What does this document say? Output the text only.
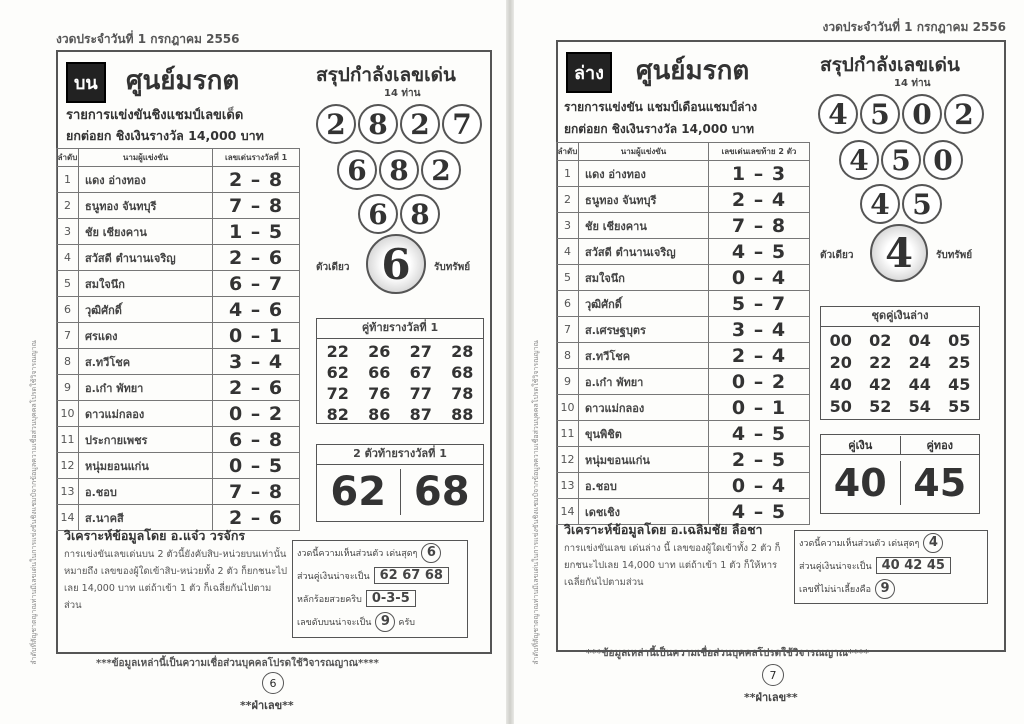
งวดประจำวันที่ 1 กรกฎาคม 2556
ลำดับที่สัญชาตญาณท่านมีเลขเด่นในการแข่งขันชิงแชมป์จากข้อมูลความเชื่อส่วนบุคคลโปรดใช้วิจารณญาณ
บน	ศูนย์มรกต
รายการแข่งขันชิงแชมป์เลขเด็ด
ยกต่อยก ชิงเงินรางวัล 14,000 บาท
ลำดับ	นามผู้แข่งขัน	เลขเด่นรางวัลที่ 1
1	แดง อ่างทอง	2 – 8
2	ธนูทอง จันทบุรี	7 – 8
3	ชัย เชียงคาน	1 – 5
4	สวัสดี ตำนานเจริญ	2 – 6
5	สมใจนึก	6 – 7
6	วุฒิศักดิ์	4 – 6
7	ศรแดง	0 – 1
8	ส.ทวีโชค	3 – 4
9	อ.เก๋า พัทยา	2 – 6
10	ดาวแม่กลอง	0 – 2
11	ประกายเพชร	6 – 8
12	หนุ่มยอนแก่น	0 – 5
13	อ.ชอบ	7 – 8
14	ส.นาคสี	2 – 6
สรุปกำลังเลขเด่น
14 ท่าน
2 8 2 7
6 8 2
6 8
ตัวเดียว 6	รับทรัพย์
คู่ท้ายรางวัลที่ 1
22	26	27	28
62	66	67	68
72	76	77	78
82	86	87	88
2 ตัวท้ายรางวัลที่ 1
62 68
วิเคราะห์ข้อมูลโดย อ.แจ๋ว วรจักร
การแข่งขันเลขเด่นบน 2 ตัวนี้ยังคับสิบ-หน่วยบนเท่านั้น หมายถึง เลขของผู้ใดเข้าสิบ-หน่วยทั้ง 2 ตัว ก็ยกชนะไปเลย 14,000 บาท แต่ถ้าเข้า 1 ตัว ก็เฉลี่ยกันไปตามส่วน
งวดนี้ความเห็นส่วนตัว เด่นสุดๆ 6
ส่วนคู่เงินน่าจะเป็น 62 67 68
หลักร้อยสวยคริบ 0-3-5
เลขดับบนน่าจะเป็น 9 ครับ
***ข้อมูลเหล่านี้เป็นความเชื่อส่วนบุคคลโปรดใช้วิจารณญาณ****
6
**ฝ่าเลข**
งวดประจำวันที่ 1 กรกฎาคม 2556
ลำดับที่สัญชาตญาณท่านมีเลขเด่นในการแข่งขันชิงแชมป์จากข้อมูลความเชื่อส่วนบุคคลโปรดใช้วิจารณญาณ
ล่าง	ศูนย์มรกต
รายการแข่งขัน แชมป์เดือนแชมป์ล่าง
ยกต่อยก ชิงเงินรางวัล 14,000 บาท
ลำดับ	นามผู้แข่งขัน	เลขเด่นเลขท้าย 2 ตัว
1	แดง อ่างทอง	1 – 3
2	ธนูทอง จันทบุรี	2 – 4
3	ชัย เชียงคาน	7 – 8
4	สวัสดี ตำนานเจริญ	4 – 5
5	สมใจนึก	0 – 4
6	วุฒิศักดิ์	5 – 7
7	ส.เศรษฐบุตร	3 – 4
8	ส.ทวีโชค	2 – 4
9	อ.เก๋า พัทยา	0 – 2
10	ดาวแม่กลอง	0 – 1
11	ขุนพิชิต	4 – 5
12	หนุ่มขอนแก่น	2 – 5
13	อ.ชอบ	0 – 4
14	เดชเชิง	4 – 5
สรุปกำลังเลขเด่น
14 ท่าน
4 5 0 2
4 5 0
4 5
ตัวเดียว 4	รับทรัพย์
ชุดคู่เงินล่าง
00	02	04	05
20	22	24	25
40	42	44	45
50	52	54	55
คู่เงิน	คู่ทอง
40 45
วิเคราะห์ข้อมูลโดย อ.เฉลิมชัย ลือชา
การแข่งขันเลข เด่นล่าง นี้ เลขของผู้ใดเข้าทั้ง 2 ตัว ก็ยกชนะไปเลย 14,000 บาท แต่ถ้าเข้า 1 ตัว ก็ให้หารเฉลี่ยกันไปตามส่วน
งวดนี้ความเห็นส่วนตัว เด่นสุดๆ 4
ส่วนคู่เงินน่าจะเป็น 40 42 45
เลขที่ไม่น่าเลี้ยงคือ 9
***ข้อมูลเหล่านี้เป็นความเชื่อส่วนบุคคลโปรดใช้วิจารณญาณ****
7
**ฝ่าเลข**
